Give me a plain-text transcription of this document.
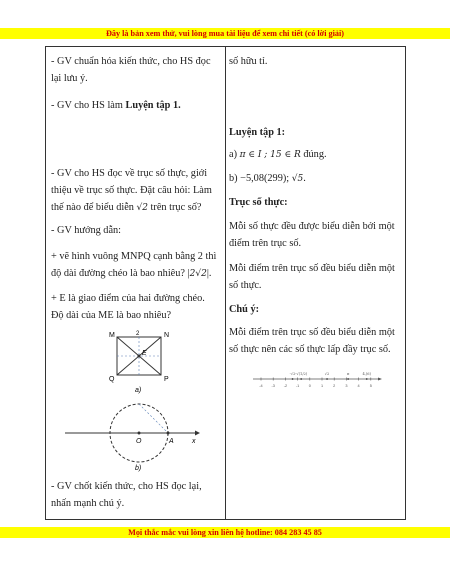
Đây là bản xem thử, vui lòng mua tài liệu để xem chi tiết (có lời giải)
- GV chuẩn hóa kiến thức, cho HS đọc
lại lưu ý.
- GV cho HS làm Luyện tập 1.
- GV cho HS đọc về trục số thực, giới
thiệu về trục số thực. Đặt câu hỏi: Làm
thế nào để biểu diễn √2 trên trục số?
- GV hướng dẫn:
+ vẽ hình vuông MNPQ cạnh bằng 2 thì
độ dài đường chéo là bao nhiêu? |2√2|.
+ E là giao điểm của hai đường chéo.
Độ dài của ME là bao nhiêu?
M	N
Q	P
E
2
a)
O	A	x
b)
- GV chốt kiến thức, cho HS đọc lại,
nhấn mạnh chú ý.
số hữu tỉ.
Luyện tập 1:
a) π ∈ I ; 15 ∈ R đúng.
b) −5,08(299); √5.
Trục số thực:
Mỗi số thực đều được biểu diễn bởi một
điểm trên trục số.
Mỗi điểm trên trục số đều biểu diễn một
số thực.
Chú ý:
Mỗi điểm trên trục số đều biểu diễn một
số thực nên các số thực lấp đầy trục số.
-4 -3 -2 -1 0	1	2	3	4	5
-√2 -√(1/2)	√2	π	4,(6)
Mọi thắc mắc vui lòng xin liên hệ hotline: 084 283 45 85
